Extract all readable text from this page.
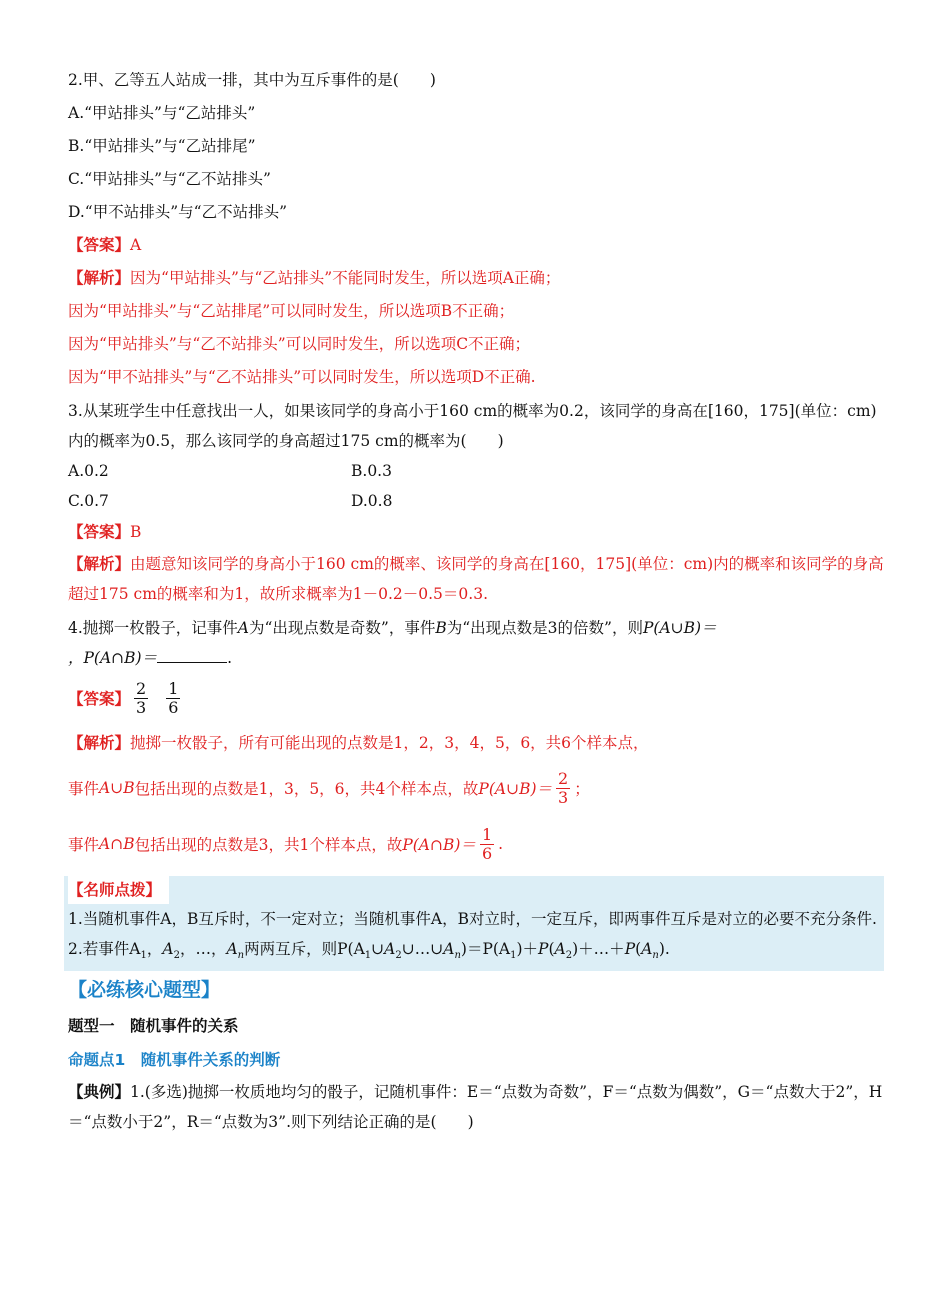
2.甲、乙等五人站成一排，其中为互斥事件的是(　　)
A.“甲站排头”与“乙站排头”
B.“甲站排头”与“乙站排尾”
C.“甲站排头”与“乙不站排头”
D.“甲不站排头”与“乙不站排头”
【答案】A
【解析】因为“甲站排头”与“乙站排头”不能同时发生，所以选项A正确；
因为“甲站排头”与“乙站排尾”可以同时发生，所以选项B不正确；
因为“甲站排头”与“乙不站排头”可以同时发生，所以选项C不正确；
因为“甲不站排头”与“乙不站排头”可以同时发生，所以选项D不正确.
3.从某班学生中任意找出一人，如果该同学的身高小于160 cm的概率为0.2，该同学的身高在[160，175](单位：cm)内的概率为0.5，那么该同学的身高超过175 cm的概率为(　　)
A.0.2	B.0.3
C.0.7	D.0.8
【答案】B
【解析】由题意知该同学的身高小于160 cm的概率、该同学的身高在[160，175](单位：cm)内的概率和该同学的身高超过175 cm的概率和为1，故所求概率为1－0.2－0.5＝0.3.
4.抛掷一枚骰子，记事件A为“出现点数是奇数”，事件B为“出现点数是3的倍数”，则P(A∪B)＝
，P(A∩B)＝	.
【答案】 $\frac{2}{3} \frac{1}{6}$
【解析】抛掷一枚骰子，所有可能出现的点数是1，2，3，4，5，6，共6个样本点，
事件 A∪B 包括出现的点数是1，3，5，6，共4个样本点，故 P(A∪B)＝ $\frac{2}{3}$ ；
事件 A∩B 包括出现的点数是3，共1个样本点，故 P(A∩B)＝ $\frac{1}{6}$ .
【名师点拨】
1.当随机事件A，B互斥时，不一定对立；当随机事件A，B对立时，一定互斥，即两事件互斥是对立的必要不充分条件.
2.若事件$A_1$，$A_2$，…，$A_n$两两互斥，则$P(A_1\cup A_2\cup\dots\cup A_n)=P(A_1)+P(A_2)+\dots+P(A_n)$.
【必练核心题型】
题型一　随机事件的关系
命题点1　随机事件关系的判断
【典例】1.(多选)抛掷一枚质地均匀的骰子，记随机事件：E＝“点数为奇数”，F＝“点数为偶数”，G＝“点数大于2”，H＝“点数小于2”，R＝“点数为3”.则下列结论正确的是(　　)
